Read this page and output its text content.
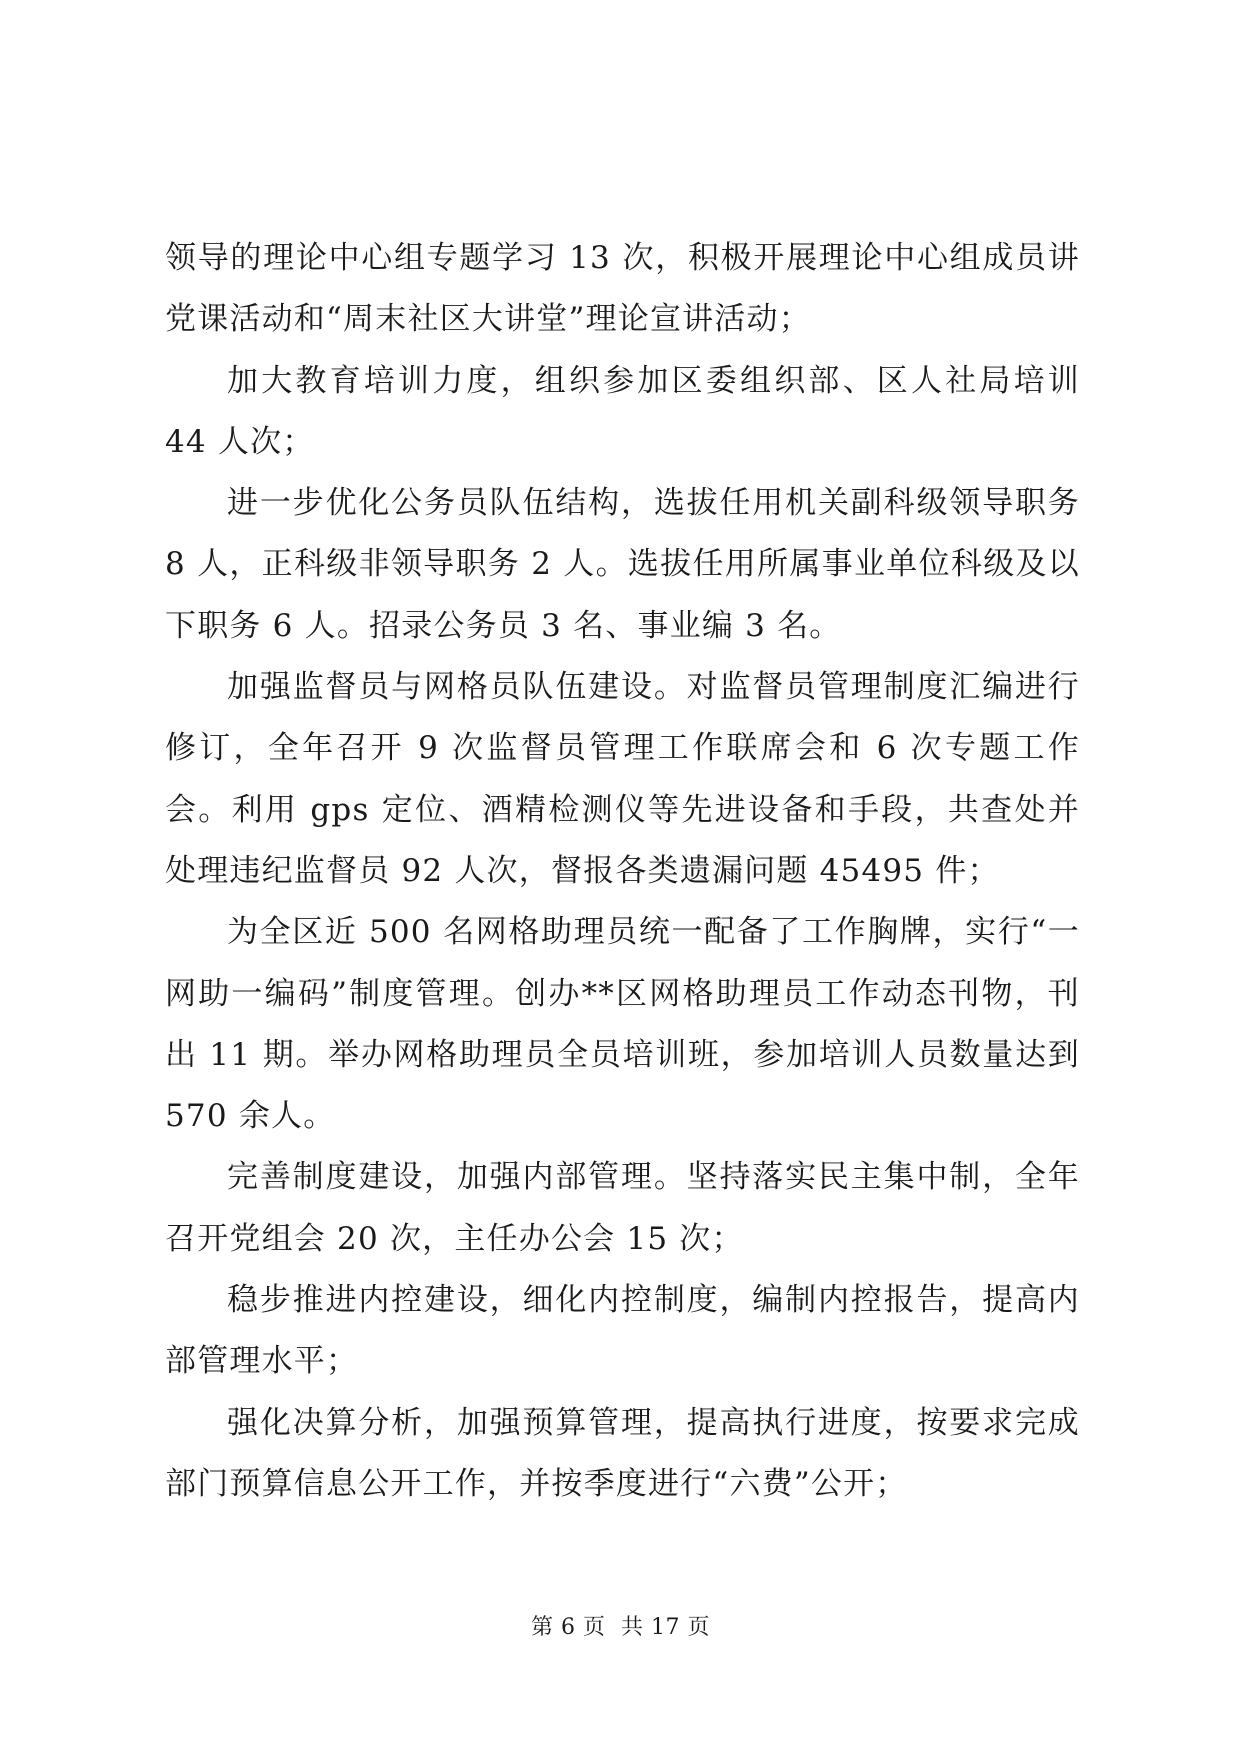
领导的理论中心组专题学习 13 次，积极开展理论中心组成员讲党课活动和“周末社区大讲堂”理论宣讲活动；

加大教育培训力度，组织参加区委组织部、区人社局培训 44 人次；

进一步优化公务员队伍结构，选拔任用机关副科级领导职务 8 人，正科级非领导职务 2 人。选拔任用所属事业单位科级及以下职务 6 人。招录公务员 3 名、事业编 3 名。

加强监督员与网格员队伍建设。对监督员管理制度汇编进行修订，全年召开 9 次监督员管理工作联席会和 6 次专题工作会。利用 gps 定位、酒精检测仪等先进设备和手段，共查处并处理违纪监督员 92 人次，督报各类遗漏问题 45495 件；

为全区近 500 名网格助理员统一配备了工作胸牌，实行“一网助一编码”制度管理。创办**区网格助理员工作动态刊物，刊出 11 期。举办网格助理员全员培训班，参加培训人员数量达到 570 余人。

完善制度建设，加强内部管理。坚持落实民主集中制，全年召开党组会 20 次，主任办公会 15 次；

稳步推进内控建设，细化内控制度，编制内控报告，提高内部管理水平；

强化决算分析，加强预算管理，提高执行进度，按要求完成部门预算信息公开工作，并按季度进行“六费”公开；

第 6 页 共 17 页
